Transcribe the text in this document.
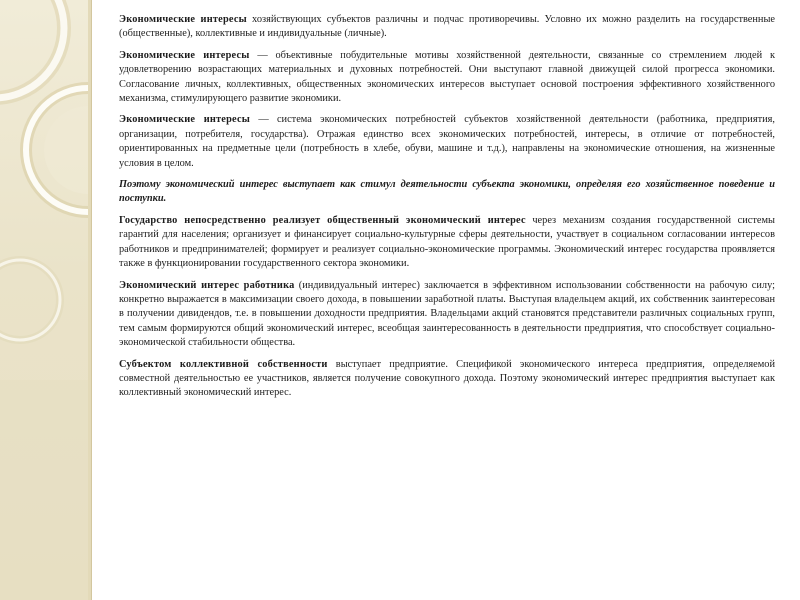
Экономические интересы хозяйствующих субъектов различны и подчас противоречивы. Условно их можно разделить на государственные (общественные), коллективные и индивидуальные (личные).

Экономические интересы — объективные побудительные мотивы хозяйственной деятельности, связанные со стремлением людей к удовлетворению возрастающих материальных и духовных потребностей. Они выступают главной движущей силой прогресса экономики. Согласование личных, коллективных, общественных экономических интересов выступает основой построения эффективного хозяйственного механизма, стимулирующего развитие экономики.

Экономические интересы — система экономических потребностей субъектов хозяйственной деятельности (работника, предприятия, организации, потребителя, государства). Отражая единство всех экономических потребностей, интересы, в отличие от потребностей, ориентированных на предметные цели (потребность в хлебе, обуви, машине и т.д.), направлены на экономические отношения, на жизненные условия в целом.

Поэтому экономический интерес выступает как стимул деятельности субъекта экономики, определяя его хозяйственное поведение и поступки.

Государство непосредственно реализует общественный экономический интерес через механизм создания государственной системы гарантий для населения; организует и финансирует социально-культурные сферы деятельности, участвует в социальном согласовании интересов работников и предпринимателей; формирует и реализует социально-экономические программы. Экономический интерес государства проявляется также в функционировании государственного сектора экономики.

Экономический интерес работника (индивидуальный интерес) заключается в эффективном использовании собственности на рабочую силу; конкретно выражается в максимизации своего дохода, в повышении заработной платы. Выступая владельцем акций, их собственник заинтересован в получении дивидендов, т.е. в повышении доходности предприятия. Владельцами акций становятся представители различных социальных групп, тем самым формируются общий экономический интерес, всеобщая заинтересованность в деятельности предприятия, что способствует социально-экономической стабильности общества.

Субъектом коллективной собственности выступает предприятие. Спецификой экономического интереса предприятия, определяемой совместной деятельностью ее участников, является получение совокупного дохода. Поэтому экономический интерес предприятия выступает как коллективный экономический интерес.
